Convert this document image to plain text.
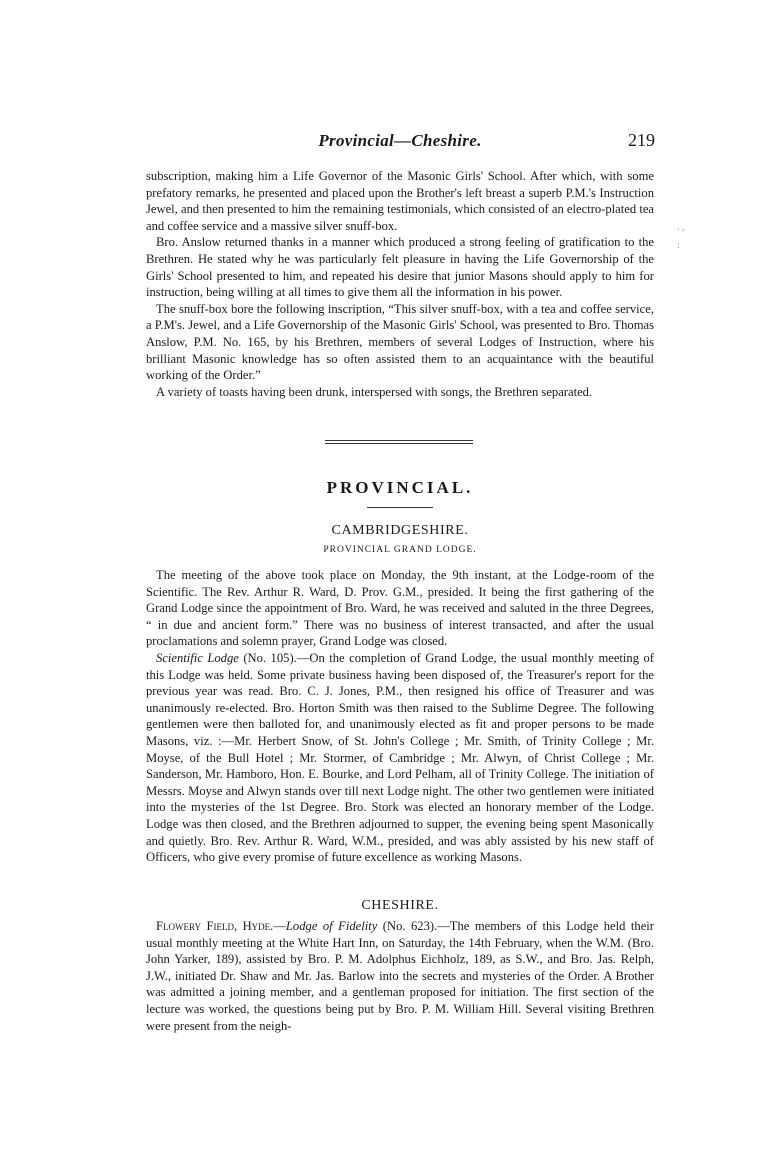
Provincial—Cheshire.	219
. ,
:

subscription, making him a Life Governor of the Masonic Girls' School. After which, with some prefatory remarks, he presented and placed upon the Brother's left breast a superb P.M.'s Instruction Jewel, and then presented to him the remaining testimonials, which consisted of an electro-plated tea and coffee service and a massive silver snuff-box.

Bro. Anslow returned thanks in a manner which produced a strong feeling of gratification to the Brethren. He stated why he was particularly felt pleasure in having the Life Governorship of the Girls' School presented to him, and repeated his desire that junior Masons should apply to him for instruction, being willing at all times to give them all the information in his power.

The snuff-box bore the following inscription, “This silver snuff-box, with a tea and coffee service, a P.M's. Jewel, and a Life Governorship of the Masonic Girls' School, was presented to Bro. Thomas Anslow, P.M. No. 165, by his Brethren, members of several Lodges of Instruction, where his brilliant Masonic knowledge has so often assisted them to an acquaintance with the beautiful working of the Order.”

A variety of toasts having been drunk, interspersed with songs, the Brethren separated.

PROVINCIAL.
CAMBRIDGESHIRE.
PROVINCIAL GRAND LODGE.

The meeting of the above took place on Monday, the 9th instant, at the Lodge-room of the Scientific. The Rev. Arthur R. Ward, D. Prov. G.M., presided. It being the first gathering of the Grand Lodge since the appointment of Bro. Ward, he was received and saluted in the three Degrees, “ in due and ancient form.” There was no business of interest transacted, and after the usual proclamations and solemn prayer, Grand Lodge was closed.

Scientific Lodge (No. 105).—On the completion of Grand Lodge, the usual monthly meeting of this Lodge was held. Some private business having been disposed of, the Treasurer's report for the previous year was read. Bro. C. J. Jones, P.M., then resigned his office of Treasurer and was unanimously re-elected. Bro. Horton Smith was then raised to the Sublime Degree. The following gentlemen were then balloted for, and unanimously elected as fit and proper persons to be made Masons, viz. :—Mr. Herbert Snow, of St. John's College ; Mr. Smith, of Trinity College ; Mr. Moyse, of the Bull Hotel ; Mr. Stormer, of Cambridge ; Mr. Alwyn, of Christ College ; Mr. Sanderson, Mr. Hamboro, Hon. E. Bourke, and Lord Pelham, all of Trinity College. The initiation of Messrs. Moyse and Alwyn stands over till next Lodge night. The other two gentlemen were initiated into the mysteries of the 1st Degree. Bro. Stork was elected an honorary member of the Lodge. Lodge was then closed, and the Brethren adjourned to supper, the evening being spent Masonically and quietly. Bro. Rev. Arthur R. Ward, W.M., presided, and was ably assisted by his new staff of Officers, who give every promise of future excellence as working Masons.

CHESHIRE.

Flowery Field, Hyde.—Lodge of Fidelity (No. 623).—The members of this Lodge held their usual monthly meeting at the White Hart Inn, on Saturday, the 14th February, when the W.M. (Bro. John Yarker, 189), assisted by Bro. P. M. Adolphus Eichholz, 189, as S.W., and Bro. Jas. Relph, J.W., initiated Dr. Shaw and Mr. Jas. Barlow into the secrets and mysteries of the Order. A Brother was admitted a joining member, and a gentleman proposed for initiation. The first section of the lecture was worked, the questions being put by Bro. P. M. William Hill. Several visiting Brethren were present from the neigh-
